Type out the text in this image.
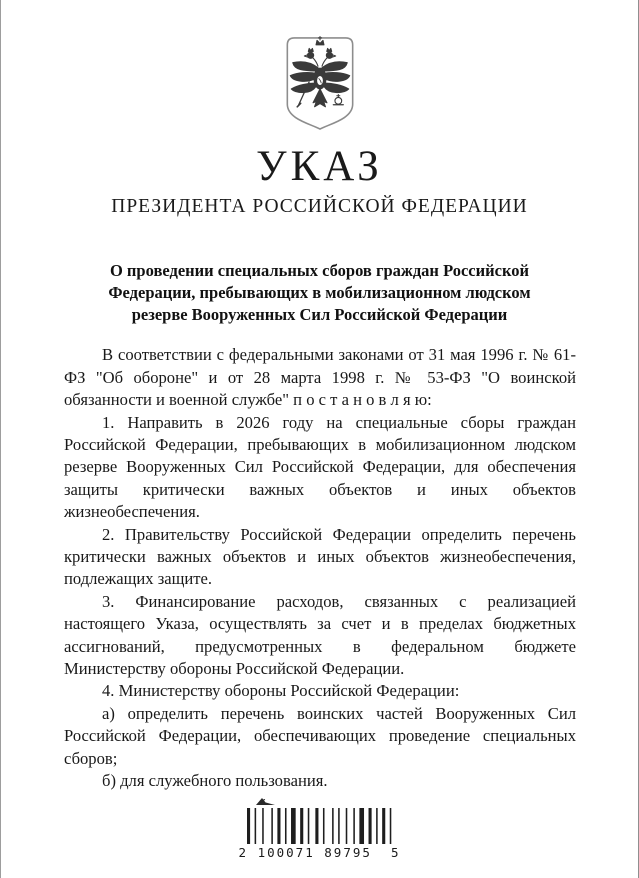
УКАЗ
ПРЕЗИДЕНТА РОССИЙСКОЙ ФЕДЕРАЦИИ
О проведении специальных сборов граждан Российской Федерации, пребывающих в мобилизационном людском резерве Вооруженных Сил Российской Федерации

В соответствии с федеральными законами от 31 мая 1996 г. № 61-ФЗ "Об обороне" и от 28 марта 1998 г. № 53-ФЗ "О воинской обязанности и военной службе" п о с т а н о в л я ю:

1. Направить в 2026 году на специальные сборы граждан Российской Федерации, пребывающих в мобилизационном людском резерве Вооруженных Сил Российской Федерации, для обеспечения защиты критически важных объектов и иных объектов жизнеобеспечения.

2. Правительству Российской Федерации определить перечень критически важных объектов и иных объектов жизнеобеспечения, подлежащих защите.

3. Финансирование расходов, связанных с реализацией настоящего Указа, осуществлять за счет и в пределах бюджетных ассигнований, предусмотренных в федеральном бюджете Министерству обороны Российской Федерации.

4. Министерству обороны Российской Федерации:

а) определить перечень воинских частей Вооруженных Сил Российской Федерации, обеспечивающих проведение специальных сборов;

б) для служебного пользования.

2 100071 89795  5
